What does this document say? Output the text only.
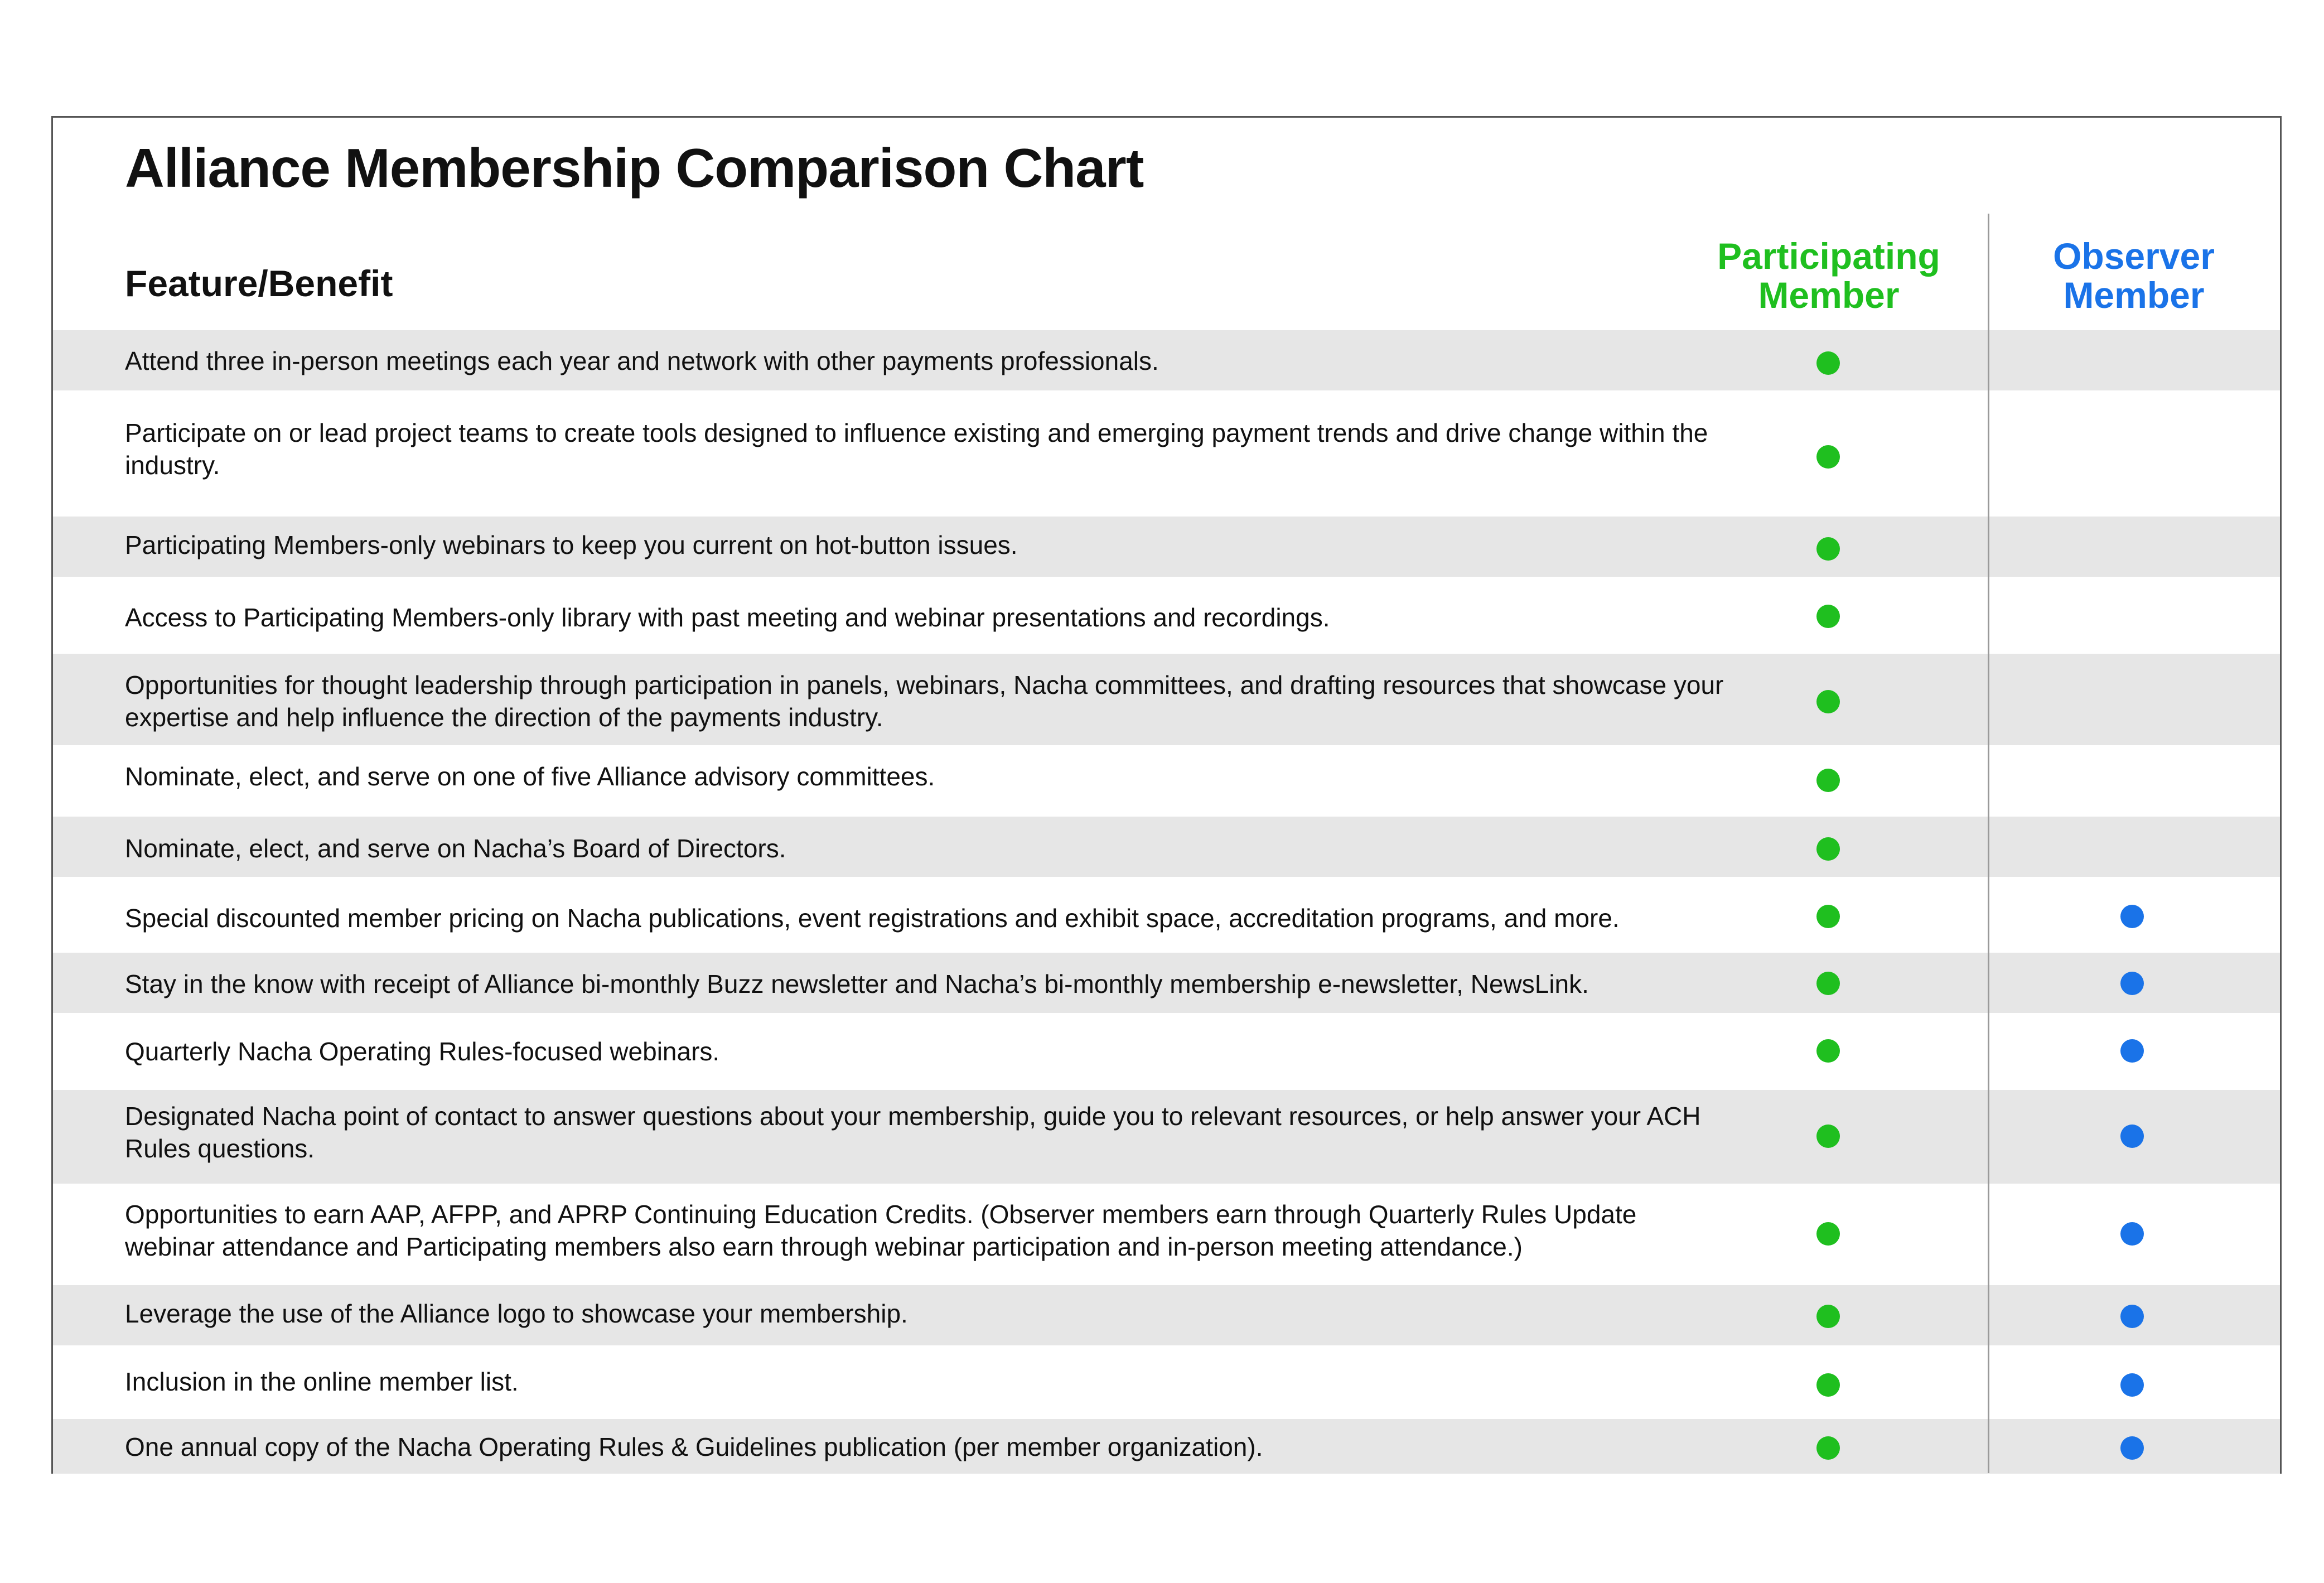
Alliance Membership Comparison Chart
Feature/Benefit
Participating
Member
Observer
Member
Attend three in-person meetings each year and network with other payments professionals.
Participate on or lead project teams to create tools designed to influence existing and emerging payment trends and drive change within the industry.
Participating Members-only webinars to keep you current on hot-button issues.
Access to Participating Members-only library with past meeting and webinar presentations and recordings.
Opportunities for thought leadership through participation in panels, webinars, Nacha committees, and drafting resources that showcase your expertise and help influence the direction of the payments industry.
Nominate, elect, and serve on one of five Alliance advisory committees.
Nominate, elect, and serve on Nacha’s Board of Directors.
Special discounted member pricing on Nacha publications, event registrations and exhibit space, accreditation programs, and more.
Stay in the know with receipt of Alliance bi-monthly Buzz newsletter and Nacha’s bi-monthly membership e-newsletter, NewsLink.
Quarterly Nacha Operating Rules-focused webinars.
Designated Nacha point of contact to answer questions about your membership, guide you to relevant resources, or help answer your ACH Rules questions.
Opportunities to earn AAP, AFPP, and APRP Continuing Education Credits. (Observer members earn through Quarterly Rules Update webinar attendance and Participating members also earn through webinar participation and in-person meeting attendance.)
Leverage the use of the Alliance logo to showcase your membership.
Inclusion in the online member list.
One annual copy of the Nacha Operating Rules & Guidelines publication (per member organization).
